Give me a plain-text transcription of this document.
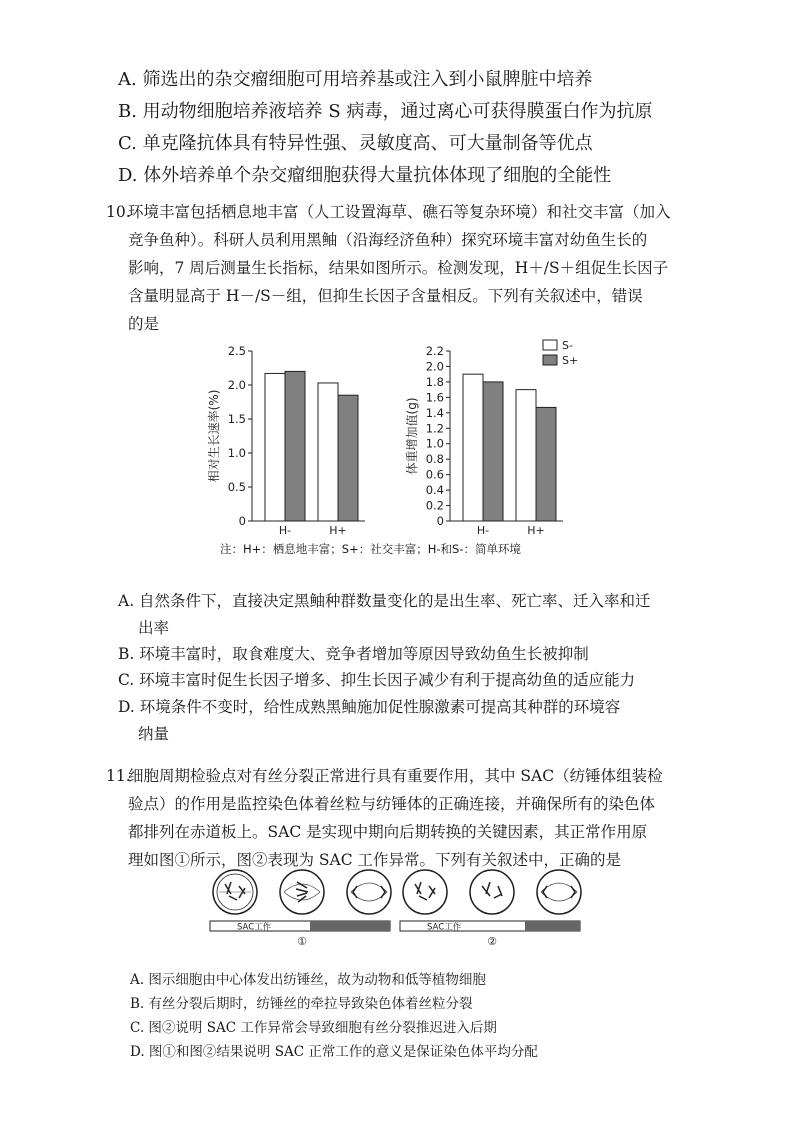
A. 筛选出的杂交瘤细胞可用培养基或注入到小鼠脾脏中培养
B. 用动物细胞培养液培养 S 病毒，通过离心可获得膜蛋白作为抗原
C. 单克隆抗体具有特异性强、灵敏度高、可大量制备等优点
D. 体外培养单个杂交瘤细胞获得大量抗体体现了细胞的全能性
10.
环境丰富包括栖息地丰富（人工设置海草、礁石等复杂环境）和社交丰富（加入
竞争鱼种）。科研人员利用黑鲉（沿海经济鱼种）探究环境丰富对幼鱼生长的
影响，7 周后测量生长指标，结果如图所示。检测发现，H＋/S＋组促生长因子
含量明显高于 H－/S－组，但抑生长因子含量相反。下列有关叙述中，错误
的是
0
0.5
1.0
1.5
2.0
2.5
相对生长速率(%)
H-	H+
0
0.2
0.4
0.6
0.8
1.0
1.2
1.4
1.6
1.8
2.0
2.2
体重增加值(g)
H-	H+
S-
S+
注：H+：栖息地丰富；S+：社交丰富；H-和S-：简单环境
A. 自然条件下，直接决定黑鲉种群数量变化的是出生率、死亡率、迁入率和迁
出率
B. 环境丰富时，取食难度大、竞争者增加等原因导致幼鱼生长被抑制
C. 环境丰富时促生长因子增多、抑生长因子减少有利于提高幼鱼的适应能力
D. 环境条件不变时，给性成熟黑鲉施加促性腺激素可提高其种群的环境容
纳量
11.
细胞周期检验点对有丝分裂正常进行具有重要作用，其中 SAC（纺锤体组装检
验点）的作用是监控染色体着丝粒与纺锤体的正确连接，并确保所有的染色体
都排列在赤道板上。SAC 是实现中期向后期转换的关键因素，其正常作用原
理如图①所示，图②表现为 SAC 工作异常。下列有关叙述中，正确的是
SAC工作
①
SAC工作
②
A. 图示细胞由中心体发出纺锤丝，故为动物和低等植物细胞
B. 有丝分裂后期时，纺锤丝的牵拉导致染色体着丝粒分裂
C. 图②说明 SAC 工作异常会导致细胞有丝分裂推迟进入后期
D. 图①和图②结果说明 SAC 正常工作的意义是保证染色体平均分配
